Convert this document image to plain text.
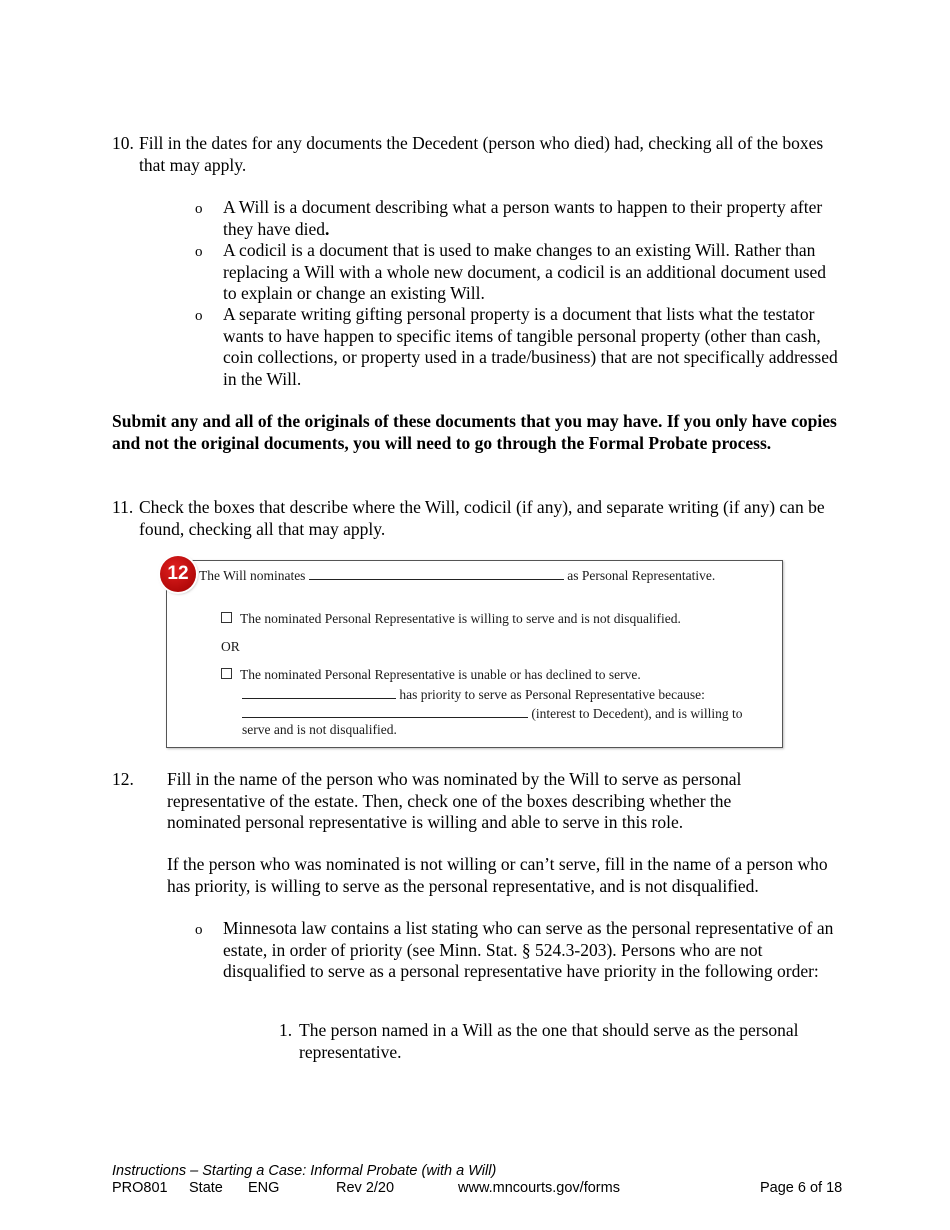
10. Fill in the dates for any documents the Decedent (person who died) had, checking all of the boxes that may apply.
o A Will is a document describing what a person wants to happen to their property after they have died.
o A codicil is a document that is used to make changes to an existing Will. Rather than replacing a Will with a whole new document, a codicil is an additional document used to explain or change an existing Will.
o A separate writing gifting personal property is a document that lists what the testator wants to have happen to specific items of tangible personal property (other than cash, coin collections, or property used in a trade/business) that are not specifically addressed in the Will.
Submit any and all of the originals of these documents that you may have. If you only have copies and not the original documents, you will need to go through the Formal Probate process.
11. Check the boxes that describe where the Will, codicil (if any), and separate writing (if any) can be found, checking all that may apply.
The Will nominates	as Personal Representative.
The nominated Personal Representative is willing to serve and is not disqualified.
OR
The nominated Personal Representative is unable or has declined to serve.
has priority to serve as Personal Representative because:
(interest to Decedent), and is willing to
serve and is not disqualified.
12
12. Fill in the name of the person who was nominated by the Will to serve as personal representative of the estate. Then, check one of the boxes describing whether the nominated personal representative is willing and able to serve in this role.
If the person who was nominated is not willing or can’t serve, fill in the name of a person who has priority, is willing to serve as the personal representative, and is not disqualified.
o Minnesota law contains a list stating who can serve as the personal representative of an estate, in order of priority (see Minn. Stat. § 524.3-203). Persons who are not disqualified to serve as a personal representative have priority in the following order:
1. The person named in a Will as the one that should serve as the personal representative.
Instructions – Starting a Case: Informal Probate (with a Will)
PRO801 State ENG	Rev 2/20	www.mncourts.gov/forms	Page 6 of 18
